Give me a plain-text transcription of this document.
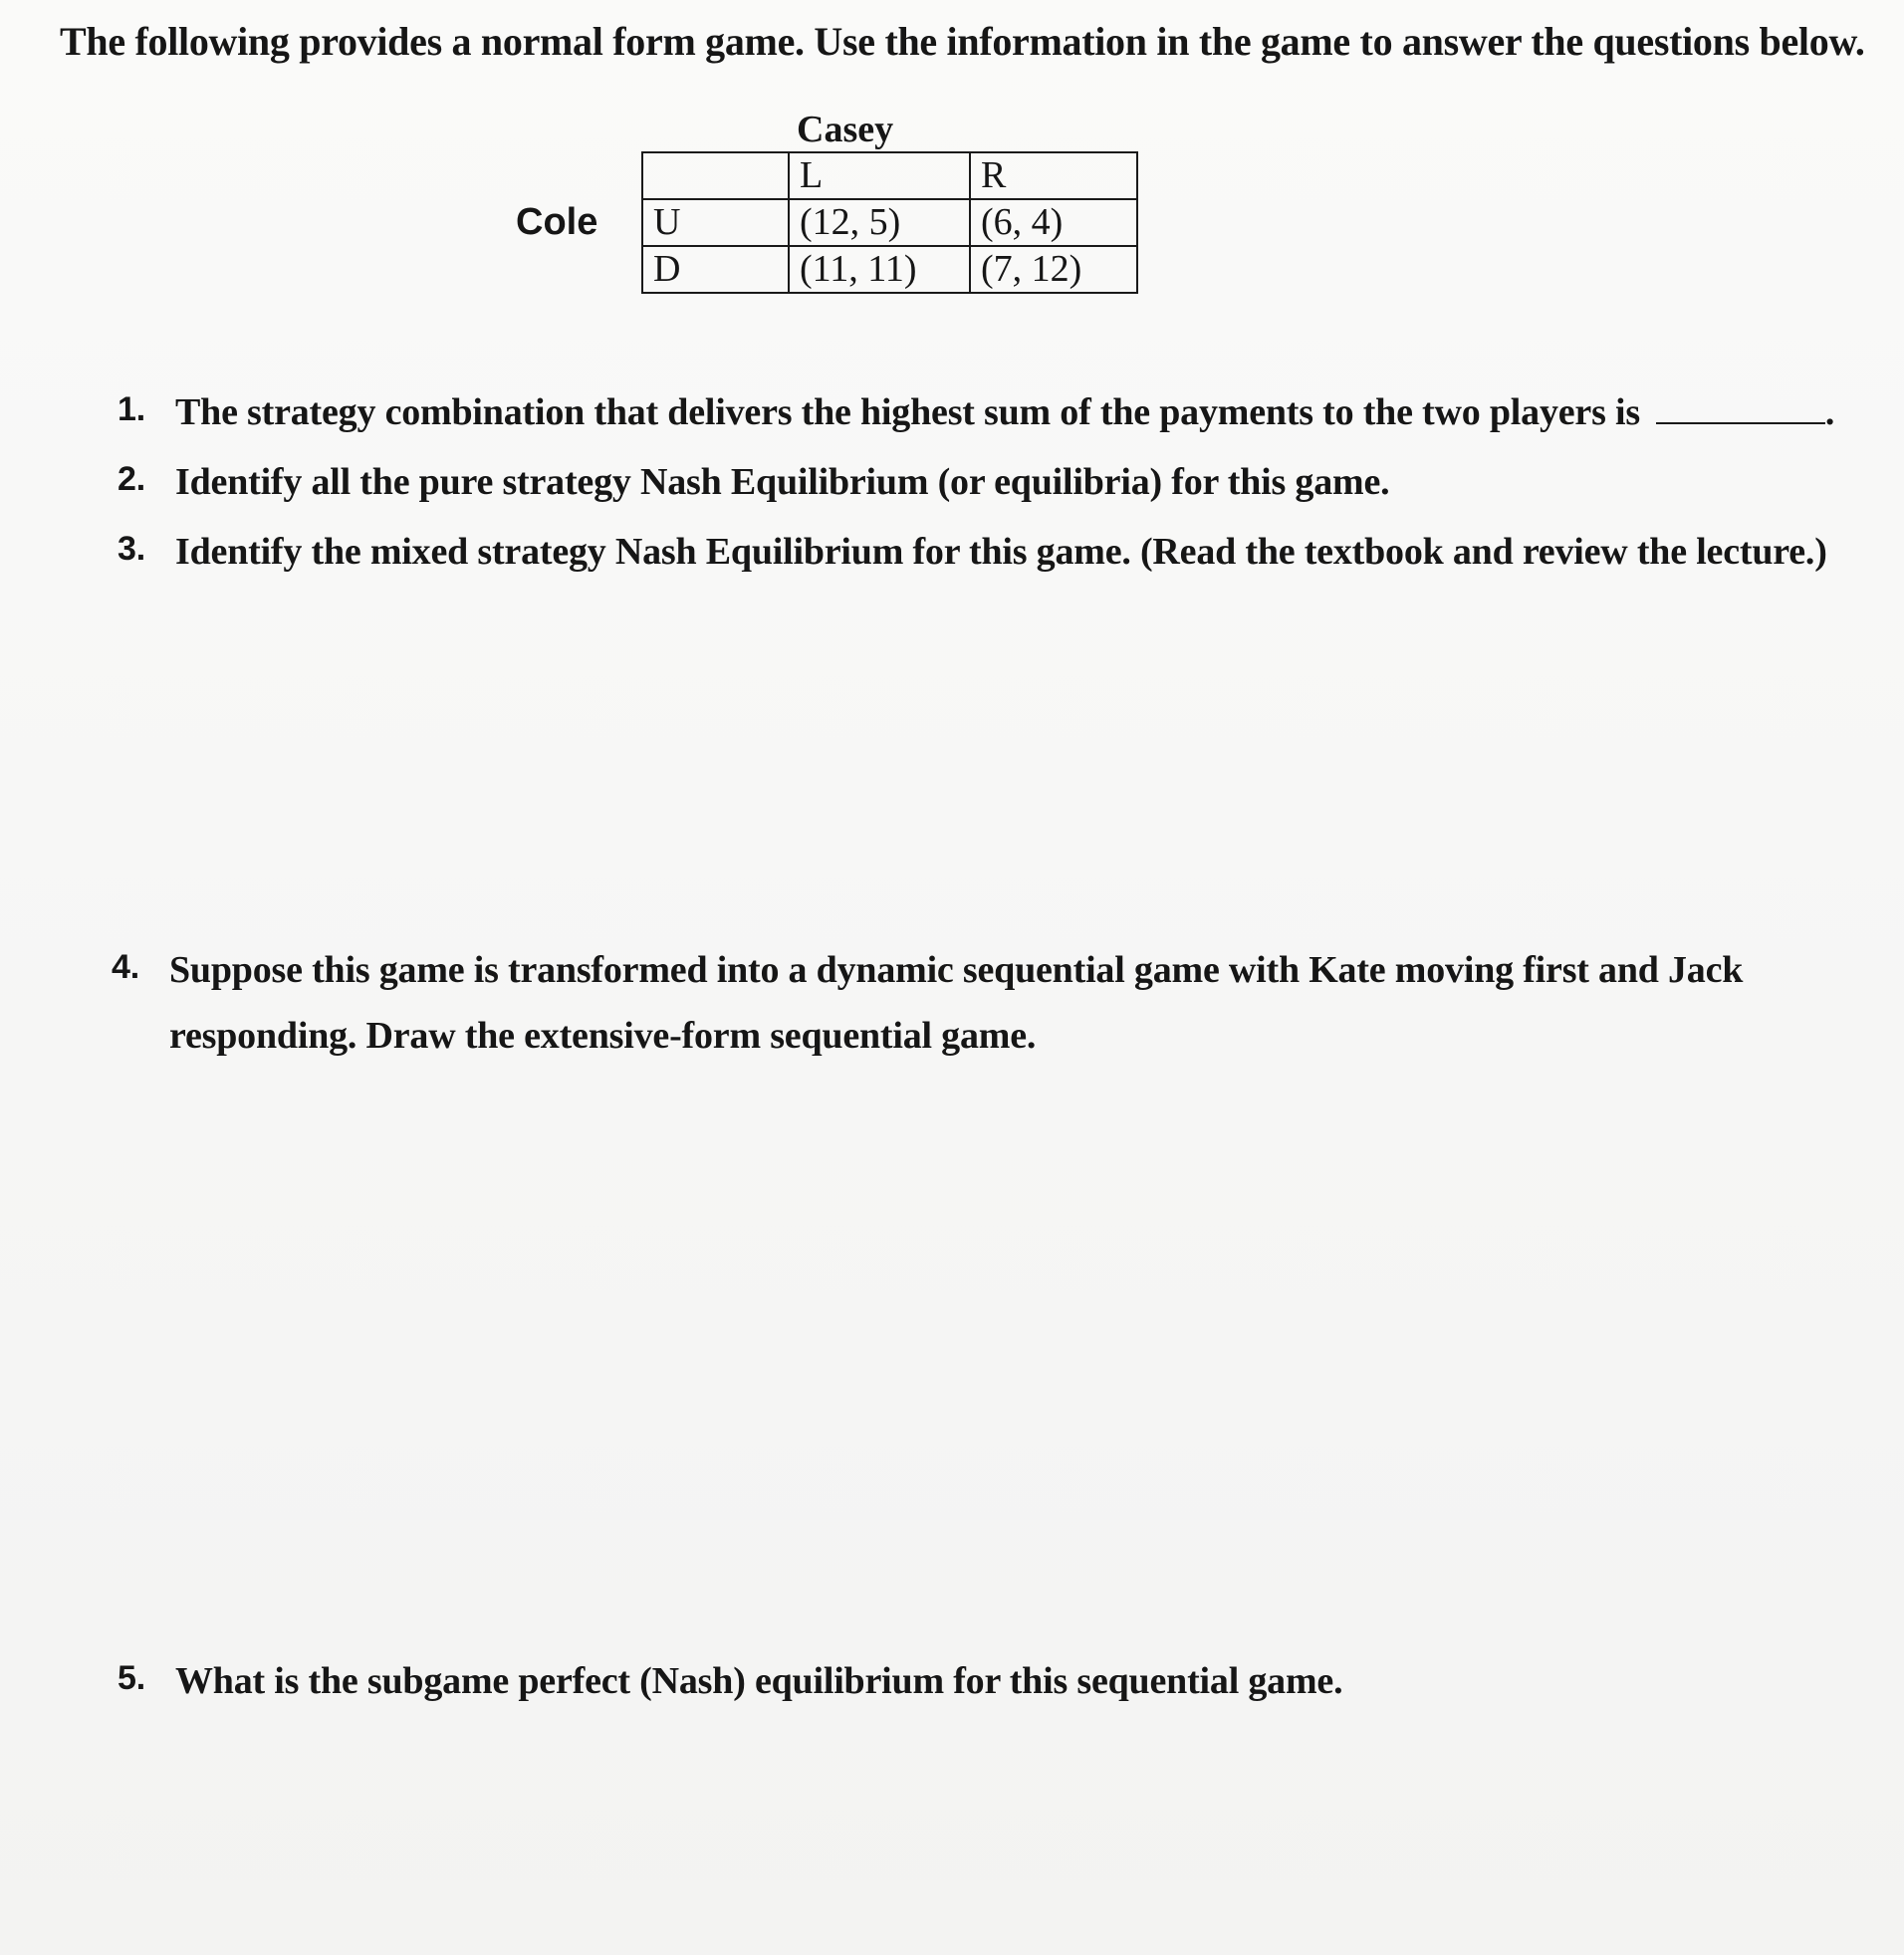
The following provides a normal form game. Use the information in the game to answer the questions below.
Casey
Cole
	L	R
U	(12, 5)	(6, 4)
D	(11, 11)	(7, 12)
1. The strategy combination that delivers the highest sum of the payments to the two players is	.
2. Identify all the pure strategy Nash Equilibrium (or equilibria) for this game.
3. Identify the mixed strategy Nash Equilibrium for this game. (Read the textbook and review the lecture.)
4. Suppose this game is transformed into a dynamic sequential game with Kate moving first and Jack
responding. Draw the extensive-form sequential game.
5. What is the subgame perfect (Nash) equilibrium for this sequential game.
